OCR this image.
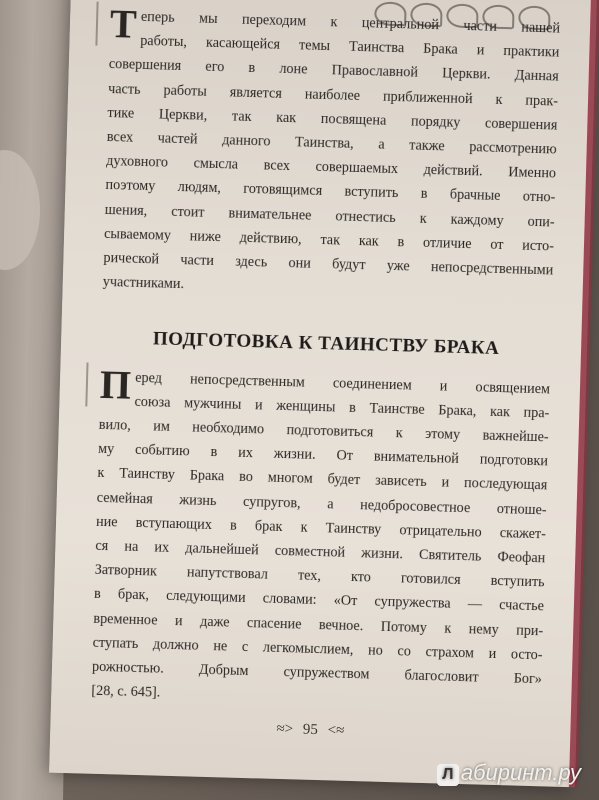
Т еперь мы переходим к центральной части нашей
работы, касающейся темы Таинства Брака и практики
совершения его в лоне Православной Церкви. Данная
часть работы является наиболее приближенной к прак-
тике Церкви, так как посвящена порядку совершения
всех частей данного Таинства, а также рассмотрению
духовного смысла всех совершаемых действий. Именно
поэтому людям, готовящимся вступить в брачные отно-
шения, стоит внимательнее отнестись к каждому опи-
сываемому ниже действию, так как в отличие от исто-
рической части здесь они будут уже непосредственными
участниками.
ПОДГОТОВКА К ТАИНСТВУ БРАКА
П еред непосредственным соединением и освящением
союза мужчины и женщины в Таинстве Брака, как пра-
вило, им необходимо подготовиться к этому важнейше-
му событию в их жизни. От внимательной подготовки
к Таинству Брака во многом будет зависеть и последующая
семейная жизнь супругов, а недобросовестное отноше-
ние вступающих в брак к Таинству отрицательно скажет-
ся на их дальнейшей совместной жизни. Святитель Феофан
Затворник напутствовал тех, кто готовился вступить
в брак, следующими словами: «От супружества — счастье
временное и даже спасение вечное. Потому к нему при-
ступать должно не с легкомыслием, но со страхом и осто-
рожностью. Добрым супружеством благословит Бог»
[28, с. 645].
≈> 95 <≈
Л абиринт.ру
